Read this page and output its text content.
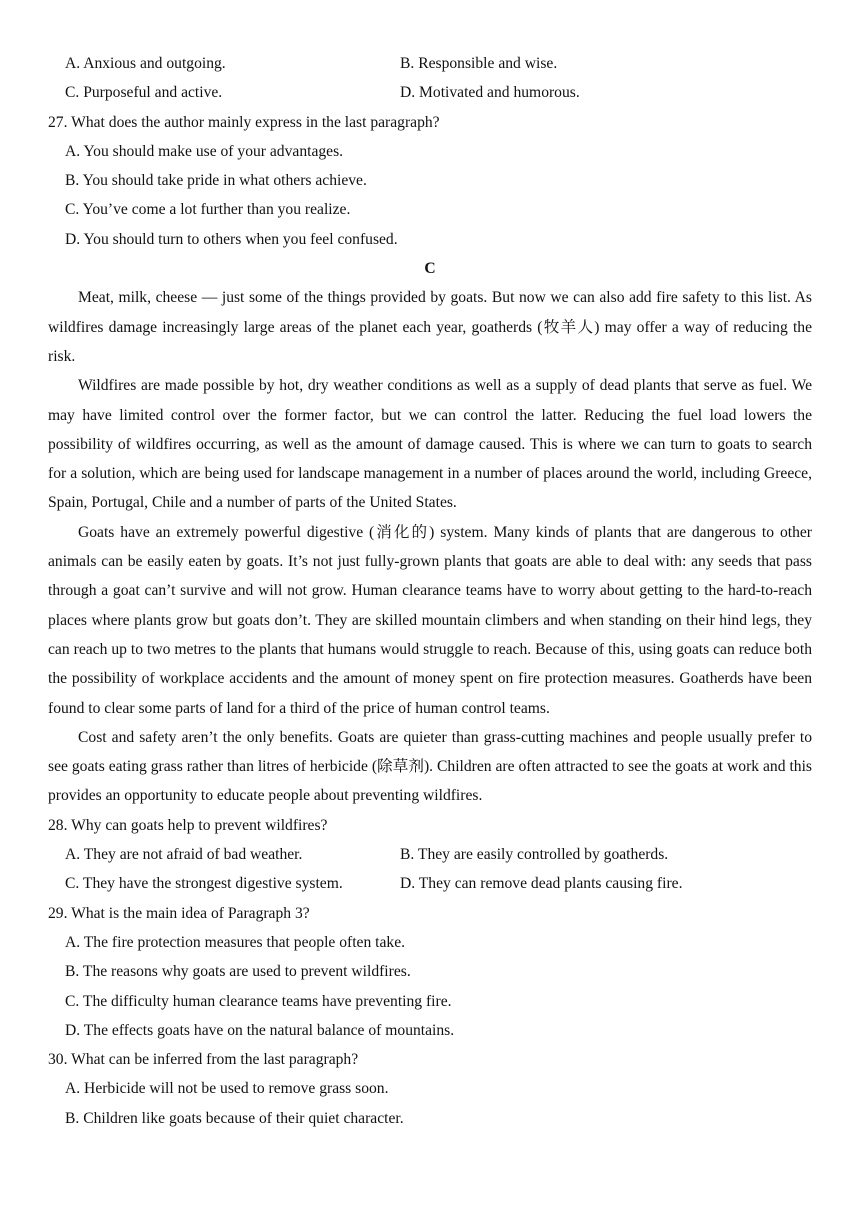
A. Anxious and outgoing.	B. Responsible and wise.
C. Purposeful and active.	D. Motivated and humorous.
27. What does the author mainly express in the last paragraph?
A. You should make use of your advantages.
B. You should take pride in what others achieve.
C. You’ve come a lot further than you realize.
D. You should turn to others when you feel confused.
C

Meat, milk, cheese — just some of the things provided by goats. But now we can also add fire safety to this list. As wildfires damage increasingly large areas of the planet each year, goatherds (牧羊人) may offer a way of reducing the risk.

Wildfires are made possible by hot, dry weather conditions as well as a supply of dead plants that serve as fuel. We may have limited control over the former factor, but we can control the latter. Reducing the fuel load lowers the possibility of wildfires occurring, as well as the amount of damage caused. This is where we can turn to goats to search for a solution, which are being used for landscape management in a number of places around the world, including Greece, Spain, Portugal, Chile and a number of parts of the United States.

Goats have an extremely powerful digestive (消化的) system. Many kinds of plants that are dangerous to other animals can be easily eaten by goats. It’s not just fully-grown plants that goats are able to deal with: any seeds that pass through a goat can’t survive and will not grow. Human clearance teams have to worry about getting to the hard-to-reach places where plants grow but goats don’t. They are skilled mountain climbers and when standing on their hind legs, they can reach up to two metres to the plants that humans would struggle to reach. Because of this, using goats can reduce both the possibility of workplace accidents and the amount of money spent on fire protection measures. Goatherds have been found to clear some parts of land for a third of the price of human control teams.

Cost and safety aren’t the only benefits. Goats are quieter than grass-cutting machines and people usually prefer to see goats eating grass rather than litres of herbicide (除草剂). Children are often attracted to see the goats at work and this provides an opportunity to educate people about preventing wildfires.

28. Why can goats help to prevent wildfires?
A. They are not afraid of bad weather.	B. They are easily controlled by goatherds.
C. They have the strongest digestive system.	D. They can remove dead plants causing fire.
29. What is the main idea of Paragraph 3?
A. The fire protection measures that people often take.
B. The reasons why goats are used to prevent wildfires.
C. The difficulty human clearance teams have preventing fire.
D. The effects goats have on the natural balance of mountains.
30. What can be inferred from the last paragraph?
A. Herbicide will not be used to remove grass soon.
B. Children like goats because of their quiet character.
